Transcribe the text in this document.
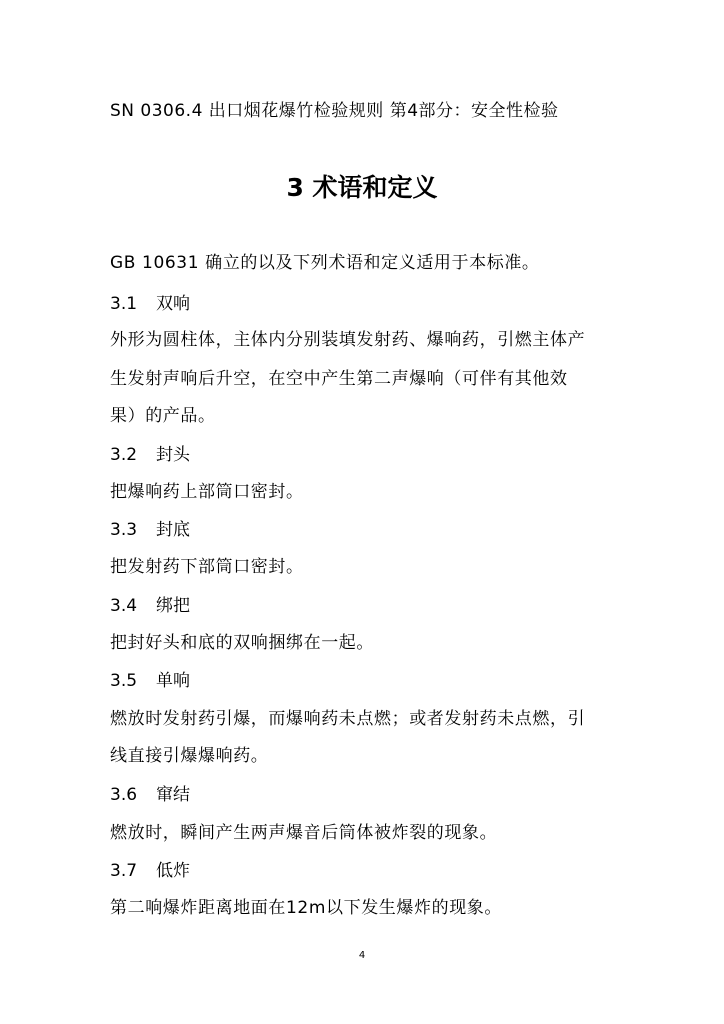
SN 0306.4 出口烟花爆竹检验规则 第4部分：安全性检验
3 术语和定义
GB 10631 确立的以及下列术语和定义适用于本标准。
3.1 双响
外形为圆柱体，主体内分别装填发射药、爆响药，引燃主体产
生发射声响后升空，在空中产生第二声爆响（可伴有其他效
果）的产品。
3.2 封头
把爆响药上部筒口密封。
3.3 封底
把发射药下部筒口密封。
3.4 绑把
把封好头和底的双响捆绑在一起。
3.5 单响
燃放时发射药引爆，而爆响药未点燃；或者发射药未点燃，引
线直接引爆爆响药。
3.6 窜结
燃放时，瞬间产生两声爆音后筒体被炸裂的现象。
3.7 低炸
第二响爆炸距离地面在12m以下发生爆炸的现象。
4
